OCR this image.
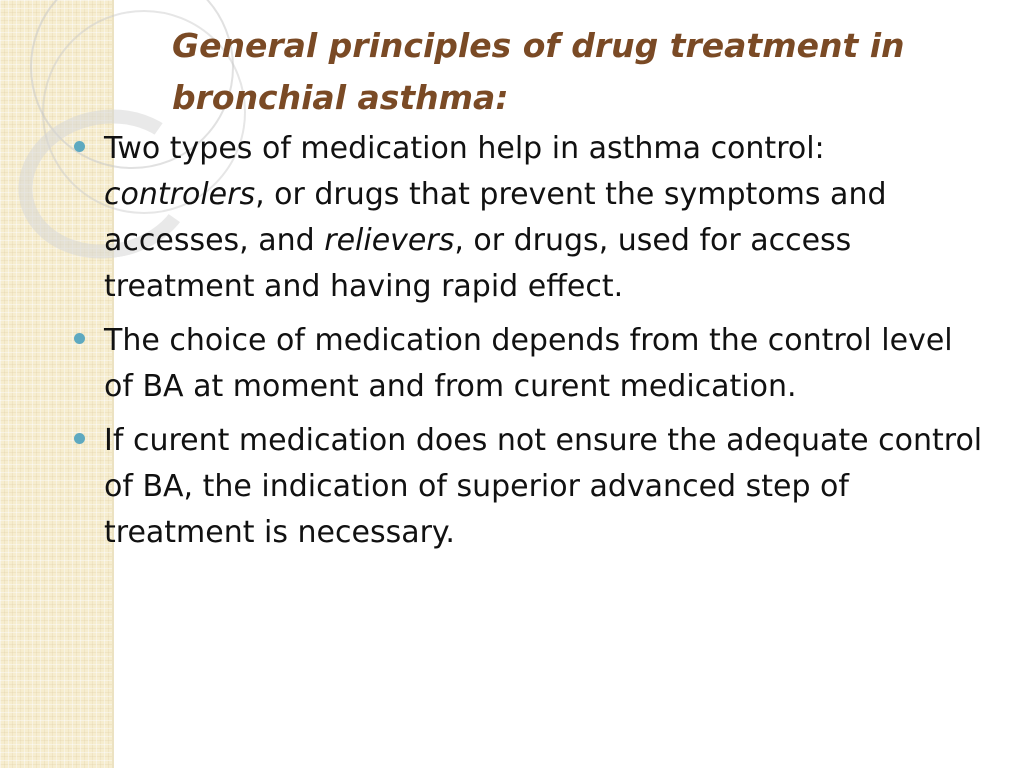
General principles of drug treatment in bronchial asthma:
Two types of medication help in asthma control: controlers, or drugs that prevent the symptoms and accesses, and relievers, or drugs, used for access treatment and having rapid effect.
The choice of medication depends from the control level of BA at moment and from curent medication.
If curent medication does not ensure the adequate control of BA, the indication of superior advanced step of treatment is necessary.
